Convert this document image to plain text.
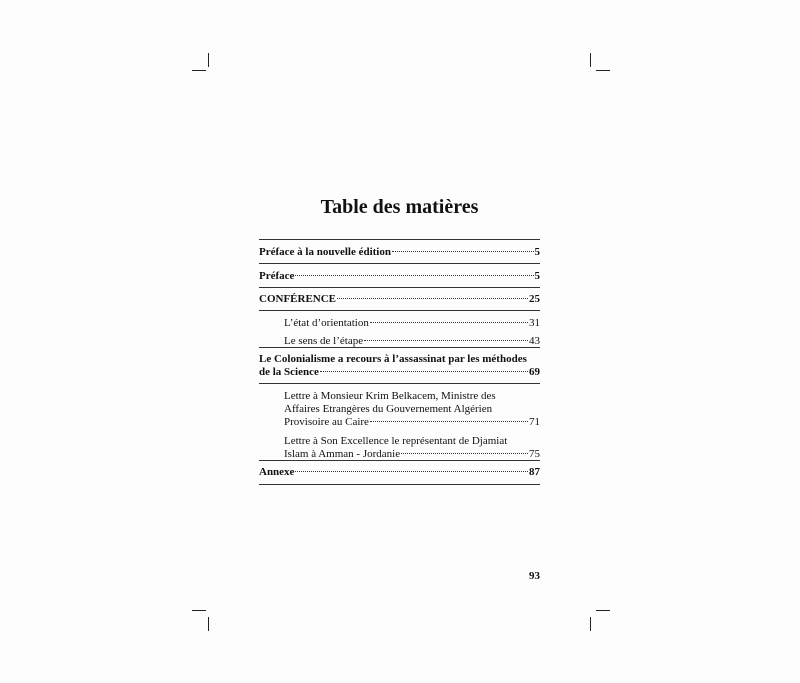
Table des matières
Préface à la nouvelle édition	5
Préface	5
CONFÉRENCE	25
L’état d’orientation	31
Le sens de l’étape	43
Le Colonialisme a recours à l’assassinat par les méthodes
de la Science	69
Lettre à Monsieur Krim Belkacem, Ministre des
Affaires Etrangères du Gouvernement Algérien
Provisoire au Caire	71
Lettre à Son Excellence le représentant de Djamiat
Islam à Amman - Jordanie	75
Annexe	87
93
